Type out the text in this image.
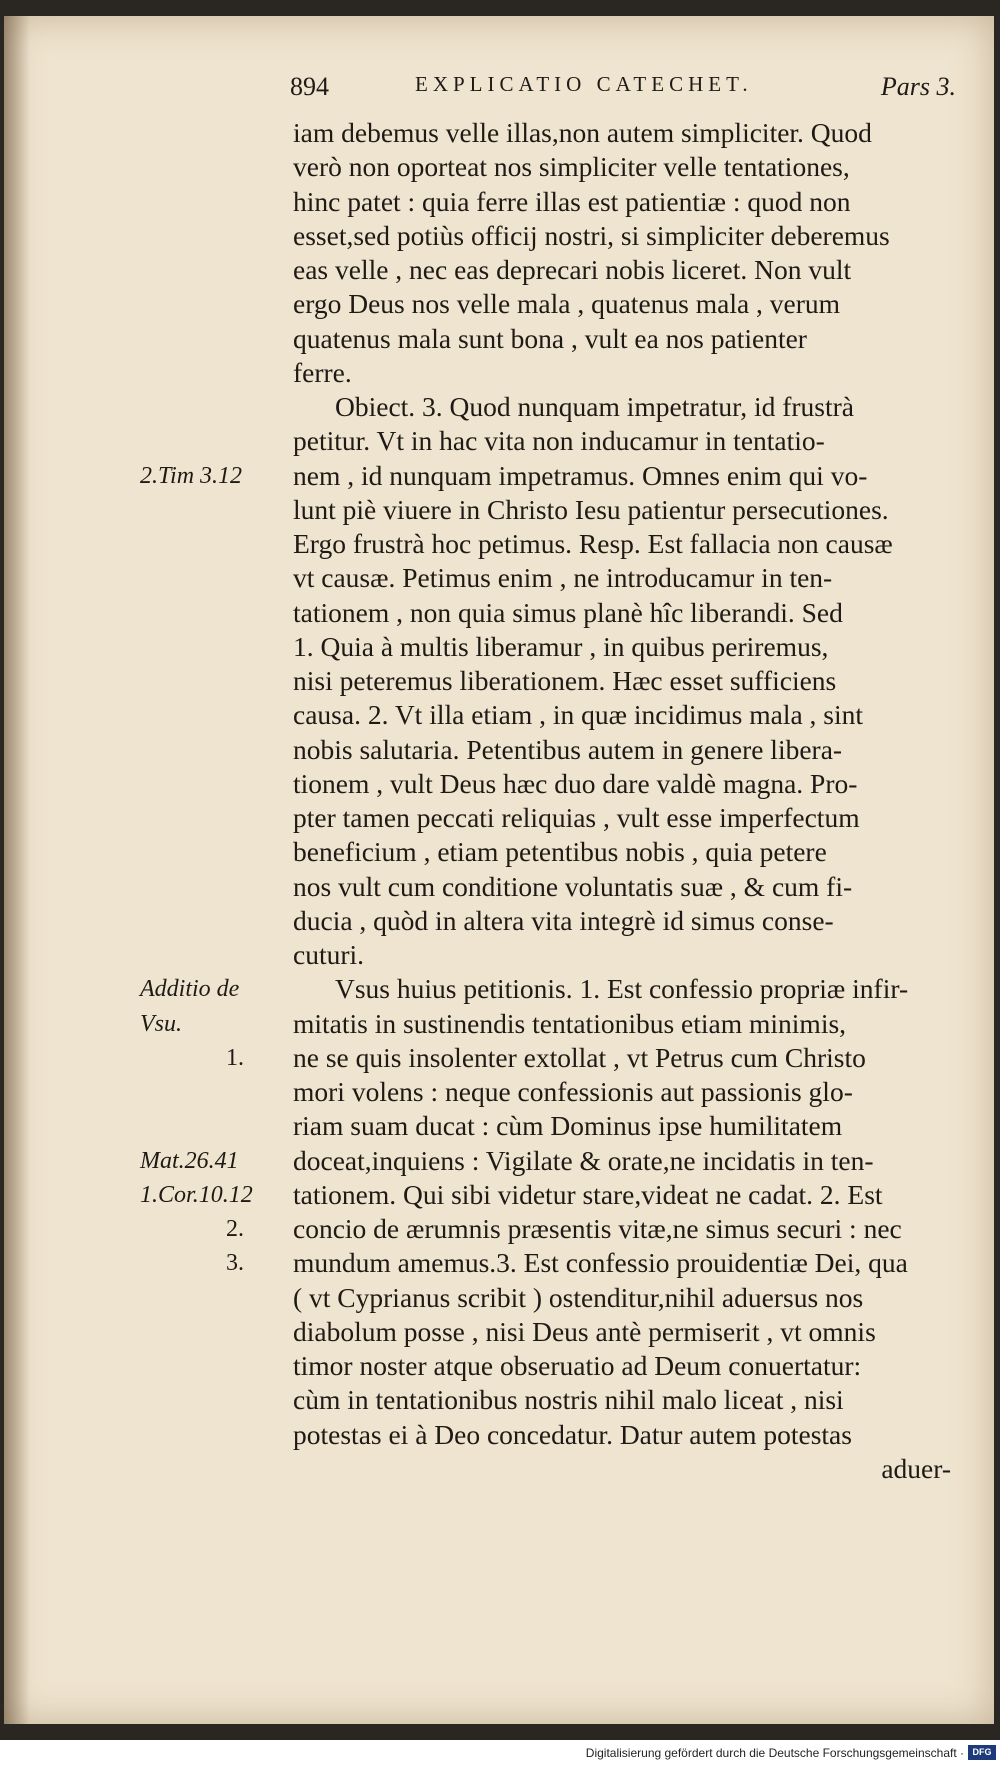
894	EXPLICATIO CATECHET.	Pars 3.
2.Tim 3.12
Additio de
Vsu.
1.
Mat.26.41
1.Cor.10.12
2.
3.
iam debemus velle illas,non autem simpliciter. Quod
verò non oporteat nos simpliciter velle tentationes,
hinc patet : quia ferre illas est patientiæ : quod non
esset,sed potiùs officij nostri, si simpliciter deberemus
eas velle , nec eas deprecari nobis liceret. Non vult
ergo Deus nos velle mala , quatenus mala , verum
quatenus mala sunt bona , vult ea nos patienter
ferre.
Obiect. 3. Quod nunquam impetratur, id frustrà
petitur. Vt in hac vita non inducamur in tentatio-
nem , id nunquam impetramus. Omnes enim qui vo-
lunt piè viuere in Christo Iesu patientur persecutiones.
Ergo frustrà hoc petimus. Resp. Est fallacia non causæ
vt causæ. Petimus enim , ne introducamur in ten-
tationem , non quia simus planè hîc liberandi. Sed
1. Quia à multis liberamur , in quibus periremus,
nisi peteremus liberationem. Hæc esset sufficiens
causa. 2. Vt illa etiam , in quæ incidimus mala , sint
nobis salutaria. Petentibus autem in genere libera-
tionem , vult Deus hæc duo dare valdè magna. Pro-
pter tamen peccati reliquias , vult esse imperfectum
beneficium , etiam petentibus nobis , quia petere
nos vult cum conditione voluntatis suæ , & cum fi-
ducia , quòd in altera vita integrè id simus conse-
cuturi.
Vsus huius petitionis. 1. Est confessio propriæ infir-
mitatis in sustinendis tentationibus etiam minimis,
ne se quis insolenter extollat , vt Petrus cum Christo
mori volens : neque confessionis aut passionis glo-
riam suam ducat : cùm Dominus ipse humilitatem
doceat,inquiens : Vigilate & orate,ne incidatis in ten-
tationem. Qui sibi videtur stare,videat ne cadat. 2. Est
concio de ærumnis præsentis vitæ,ne simus securi : nec
mundum amemus.3. Est confessio prouidentiæ Dei, qua
( vt Cyprianus scribit ) ostenditur,nihil aduersus nos
diabolum posse , nisi Deus antè permiserit , vt omnis
timor noster atque obseruatio ad Deum conuertatur:
cùm in tentationibus nostris nihil malo liceat , nisi
potestas ei à Deo concedatur. Datur autem potestas
aduer-
Digitalisierung gefördert durch die Deutsche Forschungsgemeinschaft · DFG
